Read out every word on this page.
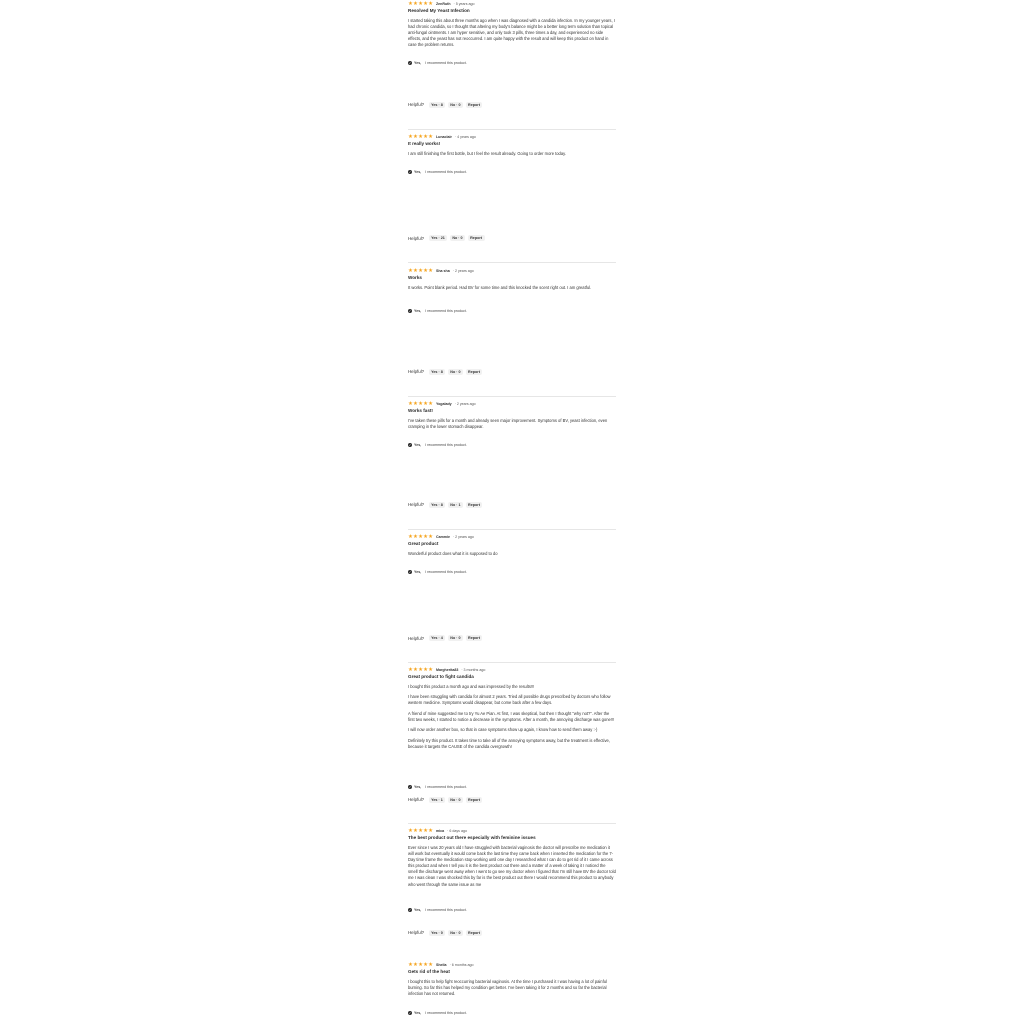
★ ★ ★ ★ ★ ZenRuth · 5 years ago
Resolved My Yeast Infection

I started taking this about three months ago when I was diagnosed with a candida infection. In my younger years, I had chronic candida, so I thought that altering my body's balance might be a better long term solution than topical anti-fungal ointments. I am hyper sensitive, and only took 3 pills, three times a day, and experienced no side effects, and the yeast has not reoccurred. I am quite happy with the result and will keep this product on hand in case the problem returns.

✓ Yes, I recommend this product.
Helpful?	Yes · 8	No · 0	Report
★ ★ ★ ★ ★ Lunaclair · 4 years ago
It really works!

I am still finishing the first bottle, but I feel the result already. Going to order more today.

✓ Yes, I recommend this product.
Helpful?	Yes · 21	No · 0	Report
★ ★ ★ ★ ★ Sha sha · 2 years ago
Works

It works. Point blank period. Had BV for some time and this knocked the scent right out. I am greatful.

✓ Yes, I recommend this product.
Helpful?	Yes · 8	No · 0	Report
★ ★ ★ ★ ★ Yogalady · 2 years ago
Works fast!

I've taken these pills for a month and already seen major improvement. Symptoms of BV, yeast infection, even cramping in the lower stomach disappear.

✓ Yes, I recommend this product.
Helpful?	Yes · 8	No · 1	Report
★ ★ ★ ★ ★ Cammie · 2 years ago
Great product

Wonderful product does what it is supposed to do

✓ Yes, I recommend this product.
Helpful?	Yes · 4	No · 0	Report
★ ★ ★ ★ ★ Margherita83 · 3 months ago
Great product to fight candida

I bought this product a month ago and was impressed by the results!!!

I have been struggling with candida for almost 2 years. Tried all possible drugs prescribed by doctors who follow western medicine. Symptoms would disappear, but come back after a few days.

A friend of mine suggested me to try Yu Ae Pian. At first, I was skeptical, but then I thought "why not?". After the first two weeks, I started to notice a decrease in the symptoms. After a month, the annoying discharge was gone!!!

I will now order another box, so that in case symptoms show up again, I know how to send them away :-)

Definitely try this product. It takes time to take all of the annoying symptoms away, but the treatment is effective, because it targets the CAUSE of the candida overgrowth!

✓ Yes, I recommend this product.
Helpful?	Yes · 1	No · 0	Report
★ ★ ★ ★ ★ mica · 6 days ago
The best product out there especially with feminine issues

Ever since I was 20 years old I have struggled with bacterial vaginosis the doctor will prescribe me medication it will work but eventually it would come back the last time they came back when I inserted the medication for the 7-Day time frame the medication stop working until one day I researched what I can do to get rid of it I came across this product and when I tell you it is the best product out there and a matter of a week of taking it I noticed the smell the discharge went away when I went to go see my doctor when I figured that I'm still have BV the doctor told me I was clean I was shocked this by far is the best product out there I would recommend this product to anybody who went through the same issue as me

✓ Yes, I recommend this product.
Helpful?	Yes · 0	No · 0	Report
★ ★ ★ ★ ★ Sheila · 6 months ago
Gets rid of the heat

I bought this to help fight reoccurring bacterial vaginosis. At the time I purchased it I was having a lot of painful burning. So far this has helped my condition get better. I've been taking it for 2 months and so far the bacterial infection has not returned.

✓ Yes, I recommend this product.
